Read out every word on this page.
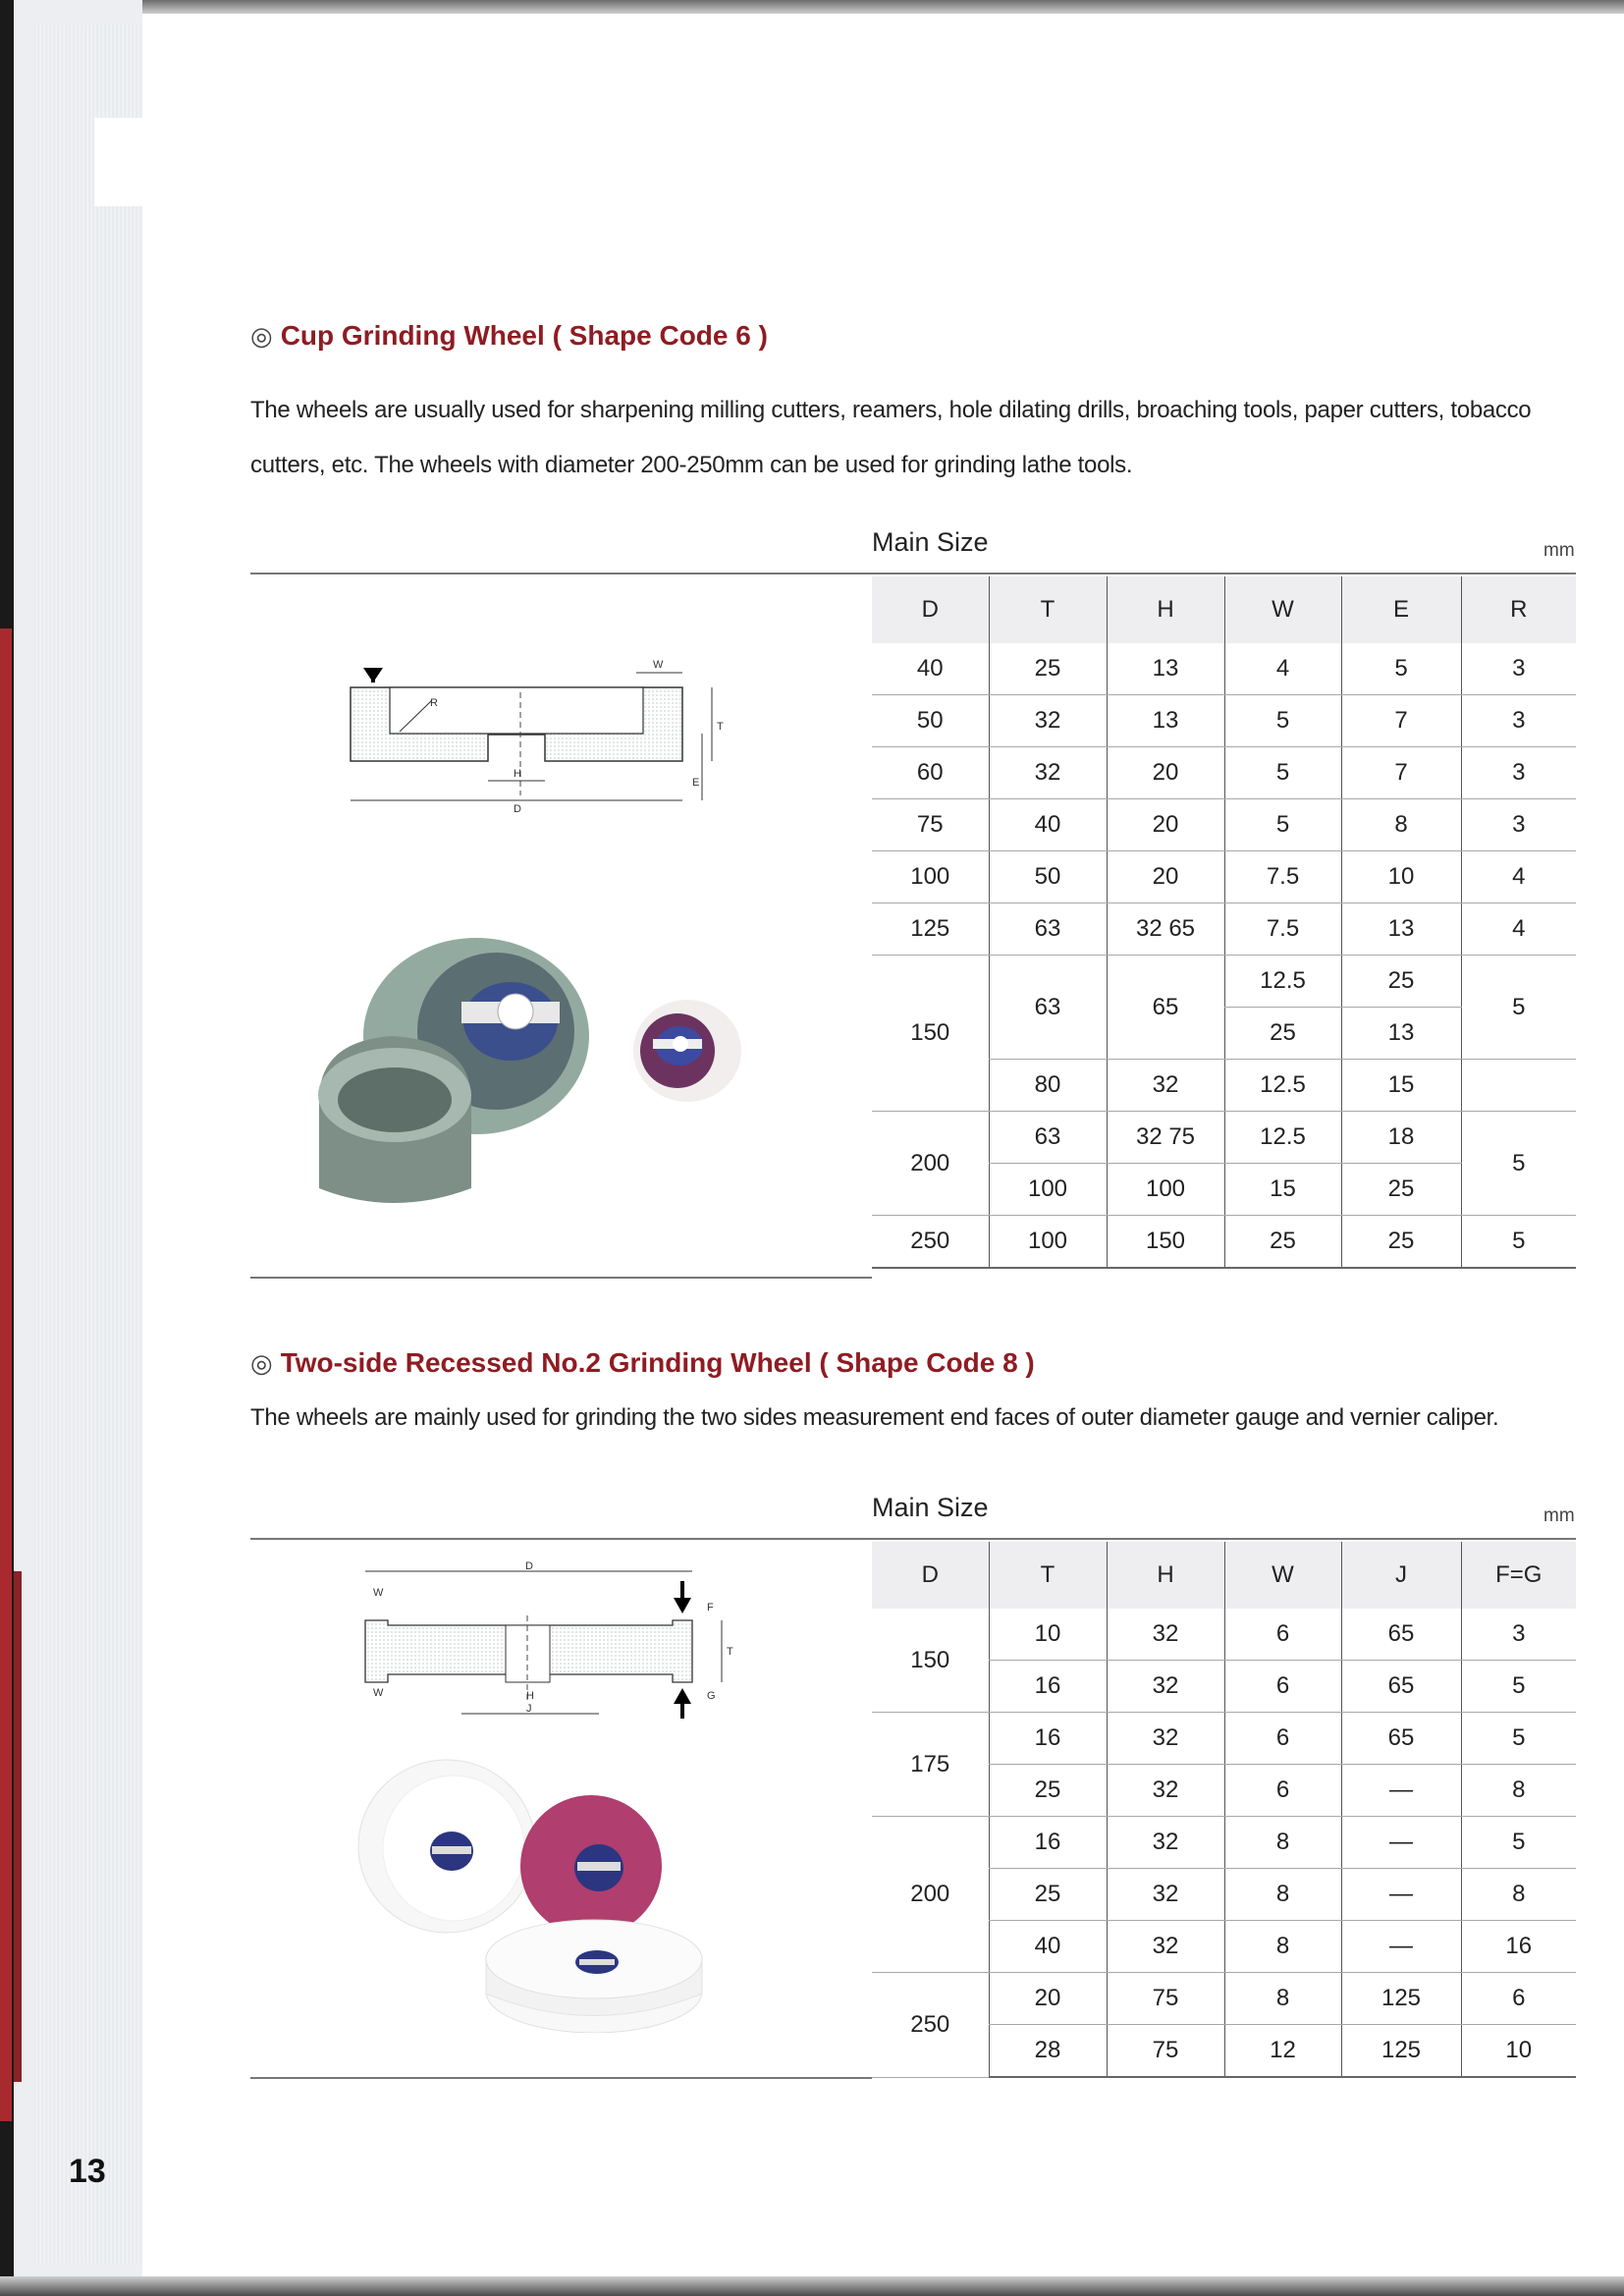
13
◎ Cup Grinding Wheel ( Shape Code 6 )
The wheels are usually used for sharpening milling cutters, reamers, hole dilating drills, broaching tools, paper cutters, tobacco
cutters, etc. The wheels with diameter 200-250mm can be used for grinding lathe tools.
Main Size	mm
R
W
H
D
T
E
D	T	H	W	E	R
40	25	13	4	5	3
50	32	13	5	7	3
60	32	20	5	7	3
75	40	20	5	8	3
100	50	20	7.5	10	4
125	63	32 65	7.5	13	4
150	63	65	12.5	25	5
			25	13	
	80	32	12.5	15	
200	63	32 75	12.5	18	5
	100	100	15	25	
250	100	150	25	25	5
◎ Two-side Recessed No.2 Grinding Wheel ( Shape Code 8 )
The wheels are mainly used for grinding the two sides measurement end faces of outer diameter gauge and vernier caliper.
Main Size	mm
D
W
W	H
J
F
T
G
D	T	H	W	J	F=G
150	10	32	6	65	3
	16	32	6	65	5
175	16	32	6	65	5
	25	32	6	—	8
200	16	32	8	—	5
	25	32	8	—	8
	40	32	8	—	16
250	20	75	8	125	6
	28	75	12	125	10
